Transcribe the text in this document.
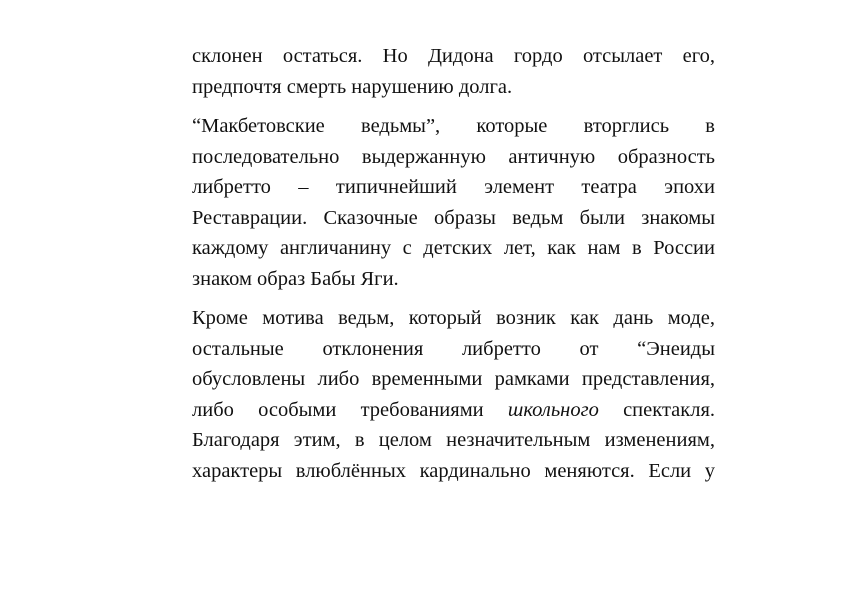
склонен остаться. Но Дидона гордо отсылает его,
предпочтя смерть нарушению долга.

“Макбетовские ведьмы”, которые вторглись в
последовательно выдержанную античную образность
либретто – типичнейший элемент театра эпохи
Реставрации. Сказочные образы ведьм были знакомы
каждому англичанину с детских лет, как нам в России
знаком образ Бабы Яги.

Кроме мотива ведьм, который возник как дань моде,
остальные отклонения либретто от “Энеиды
обусловлены либо временными рамками представления,
либо особыми требованиями школьного спектакля.
Благодаря этим, в целом незначительным изменениям,
характеры влюблённых кардинально меняются. Если у
